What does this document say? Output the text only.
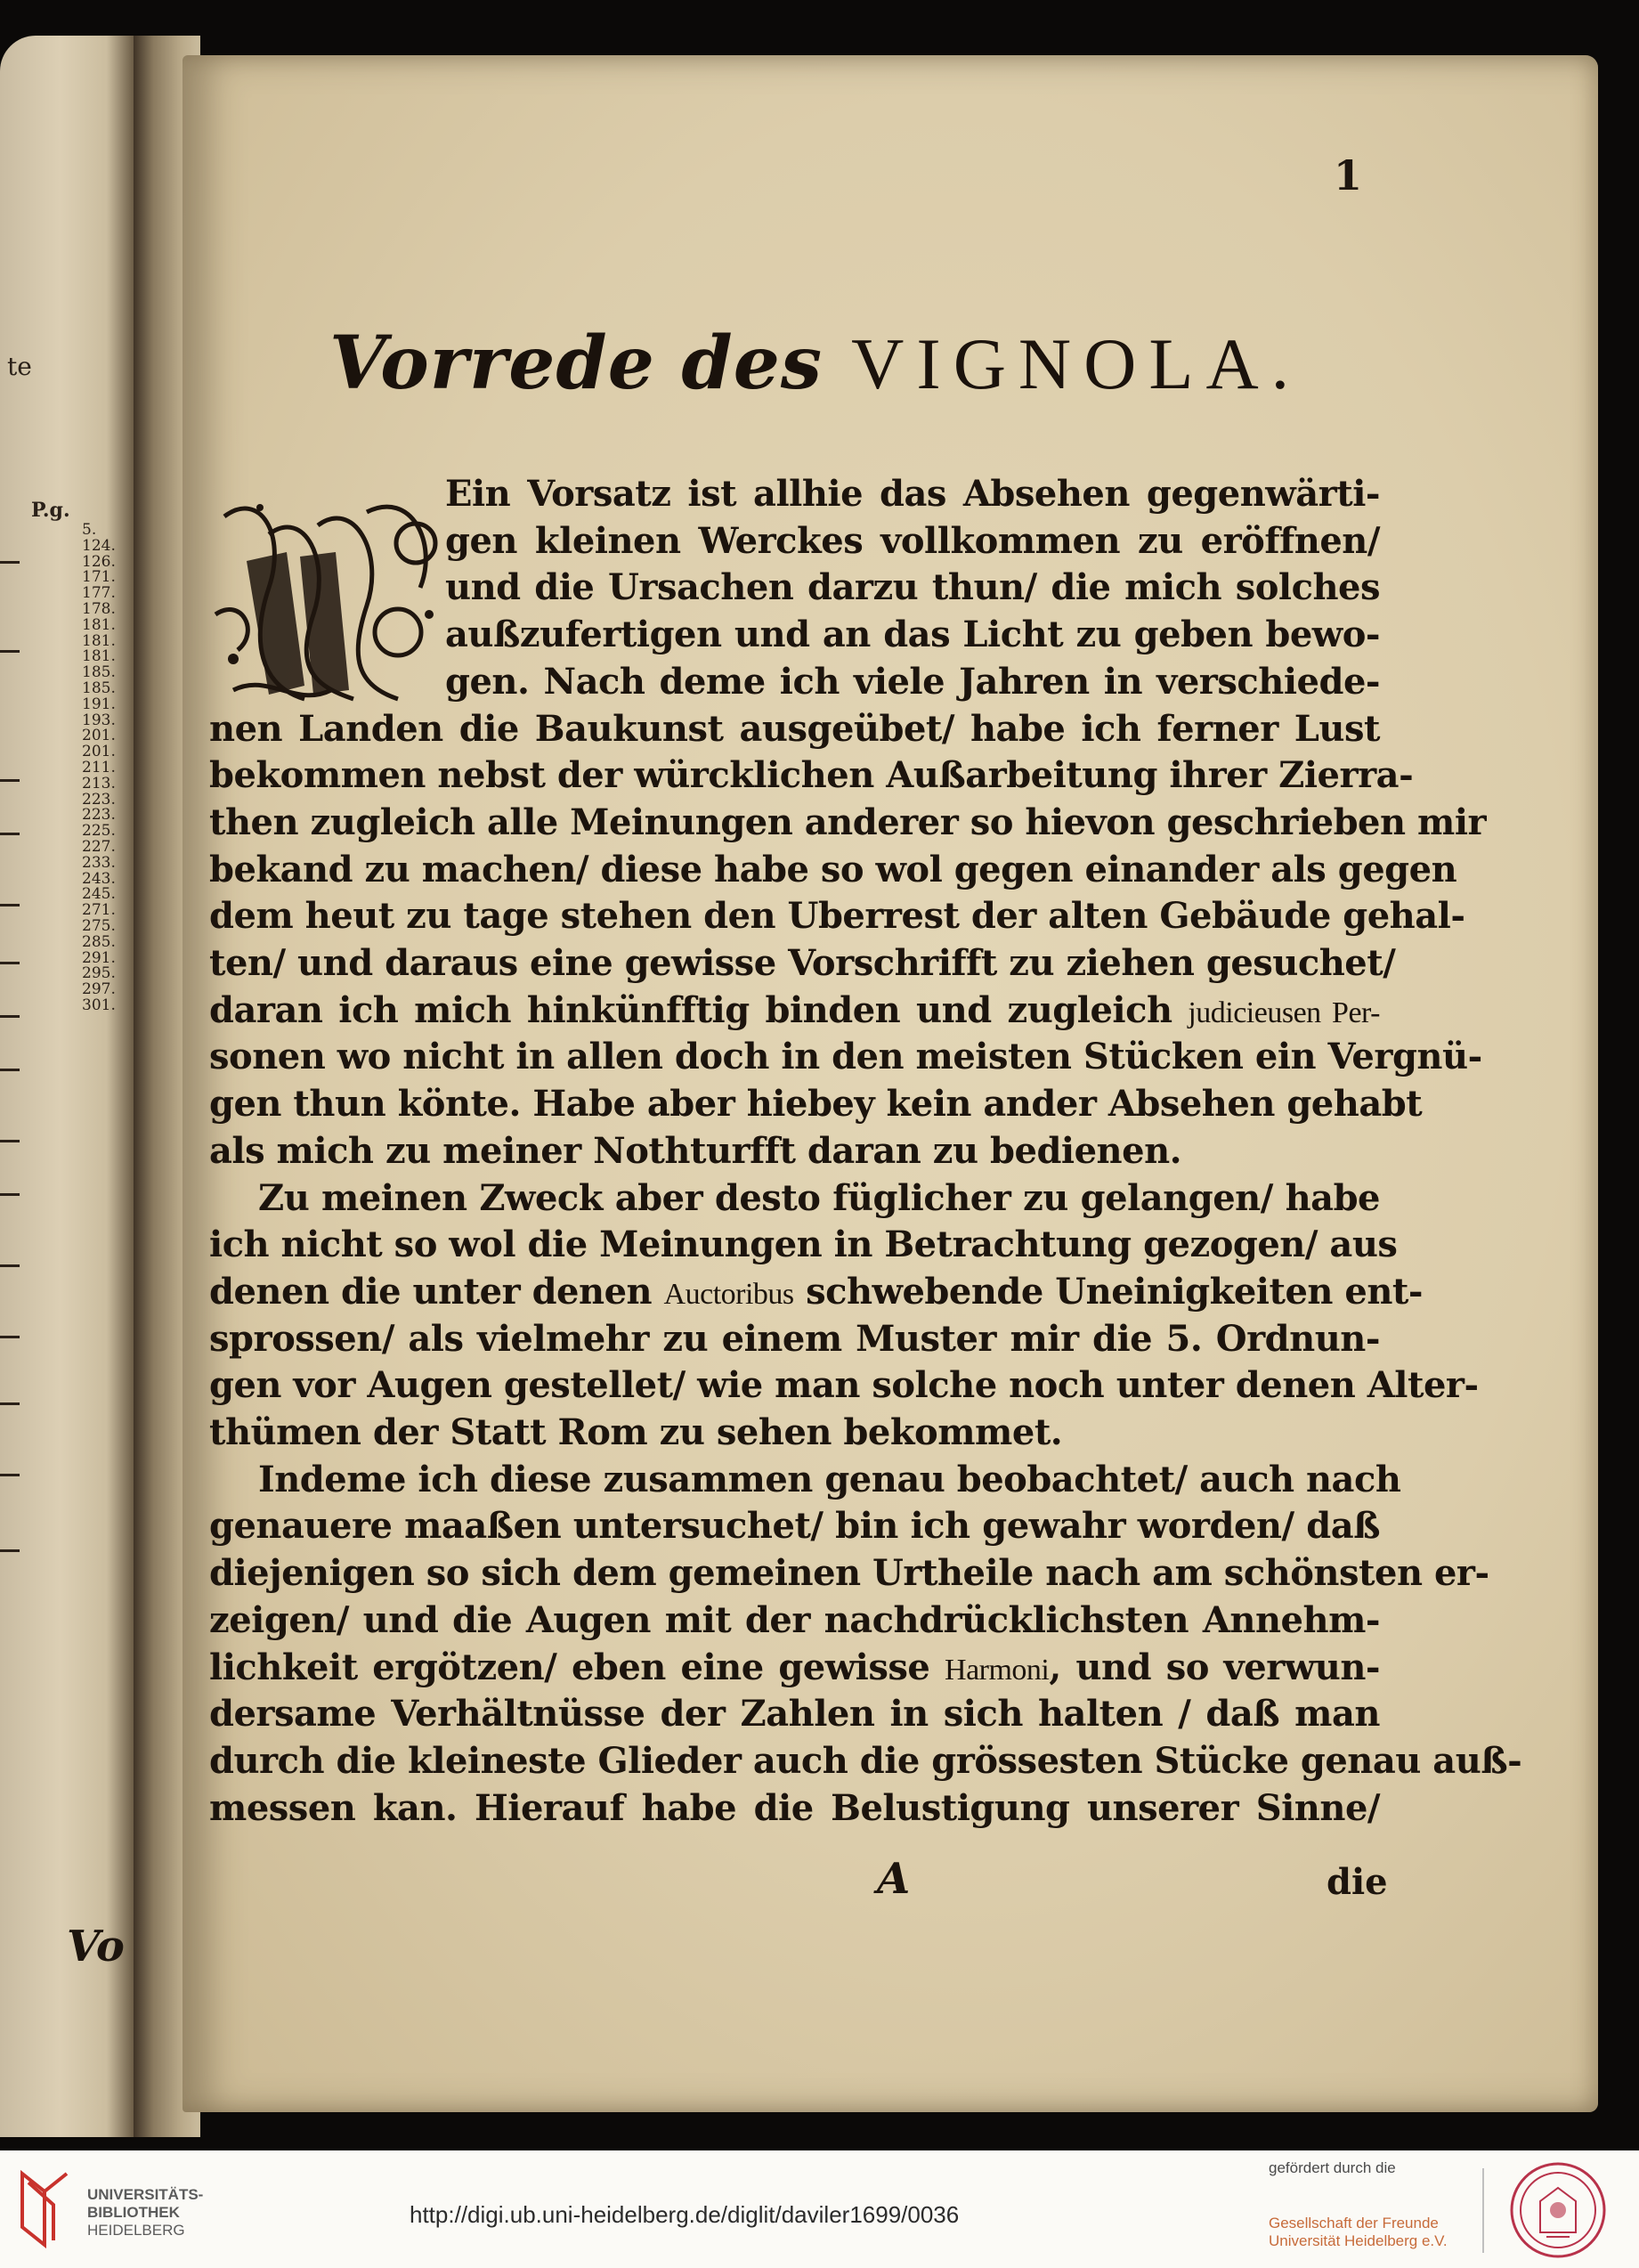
te
P.g.
5.
124.
126.
171.
177.
178.
181.
181.
181.
185.
185.
191.
193.
201.
201.
211.
213.
223.
223.
225.
227.
233.
243.
245.
271.
275.
285.
291.
295.
297.
301.
Vo
1
Vorrede des VIGNOLA.
Ein Vorsatz ist allhie das Absehen gegenwärti-
gen kleinen Werckes vollkommen zu eröffnen/
und die Ursachen darzu thun/ die mich solches
außzufertigen und an das Licht zu geben bewo-
gen. Nach deme ich viele Jahren in verschiede-
nen Landen die Baukunst ausgeübet/ habe ich ferner Lust
bekommen nebst der würcklichen Außarbeitung ihrer Zierra-
then zugleich alle Meinungen anderer so hievon geschrieben mir
bekand zu machen/ diese habe so wol gegen einander als gegen
dem heut zu tage stehen den Uberrest der alten Gebäude gehal-
ten/ und daraus eine gewisse Vorschrifft zu ziehen gesuchet/
daran ich mich hinkünfftig binden und zugleich judicieusen Per-
sonen wo nicht in allen doch in den meisten Stücken ein Vergnü-
gen thun könte. Habe aber hiebey kein ander Absehen gehabt
als mich zu meiner Nothturfft daran zu bedienen.
Zu meinen Zweck aber desto füglicher zu gelangen/ habe
ich nicht so wol die Meinungen in Betrachtung gezogen/ aus
denen die unter denen Auctoribus schwebende Uneinigkeiten ent-
sprossen/ als vielmehr zu einem Muster mir die 5. Ordnun-
gen vor Augen gestellet/ wie man solche noch unter denen Alter-
thümen der Statt Rom zu sehen bekommet.
Indeme ich diese zusammen genau beobachtet/ auch nach
genauere maaßen untersuchet/ bin ich gewahr worden/ daß
diejenigen so sich dem gemeinen Urtheile nach am schönsten er-
zeigen/ und die Augen mit der nachdrücklichsten Annehm-
lichkeit ergötzen/ eben eine gewisse Harmoni, und so verwun-
dersame Verhältnüsse der Zahlen in sich halten / daß man
durch die kleineste Glieder auch die grössesten Stücke genau auß-
messen kan. Hierauf habe die Belustigung unserer Sinne/
A	die
UNIVERSITÄTS-
BIBLIOTHEK
HEIDELBERG
http://digi.ub.uni-heidelberg.de/diglit/daviler1699/0036
gefördert durch die
Gesellschaft der Freunde
Universität Heidelberg e.V.
